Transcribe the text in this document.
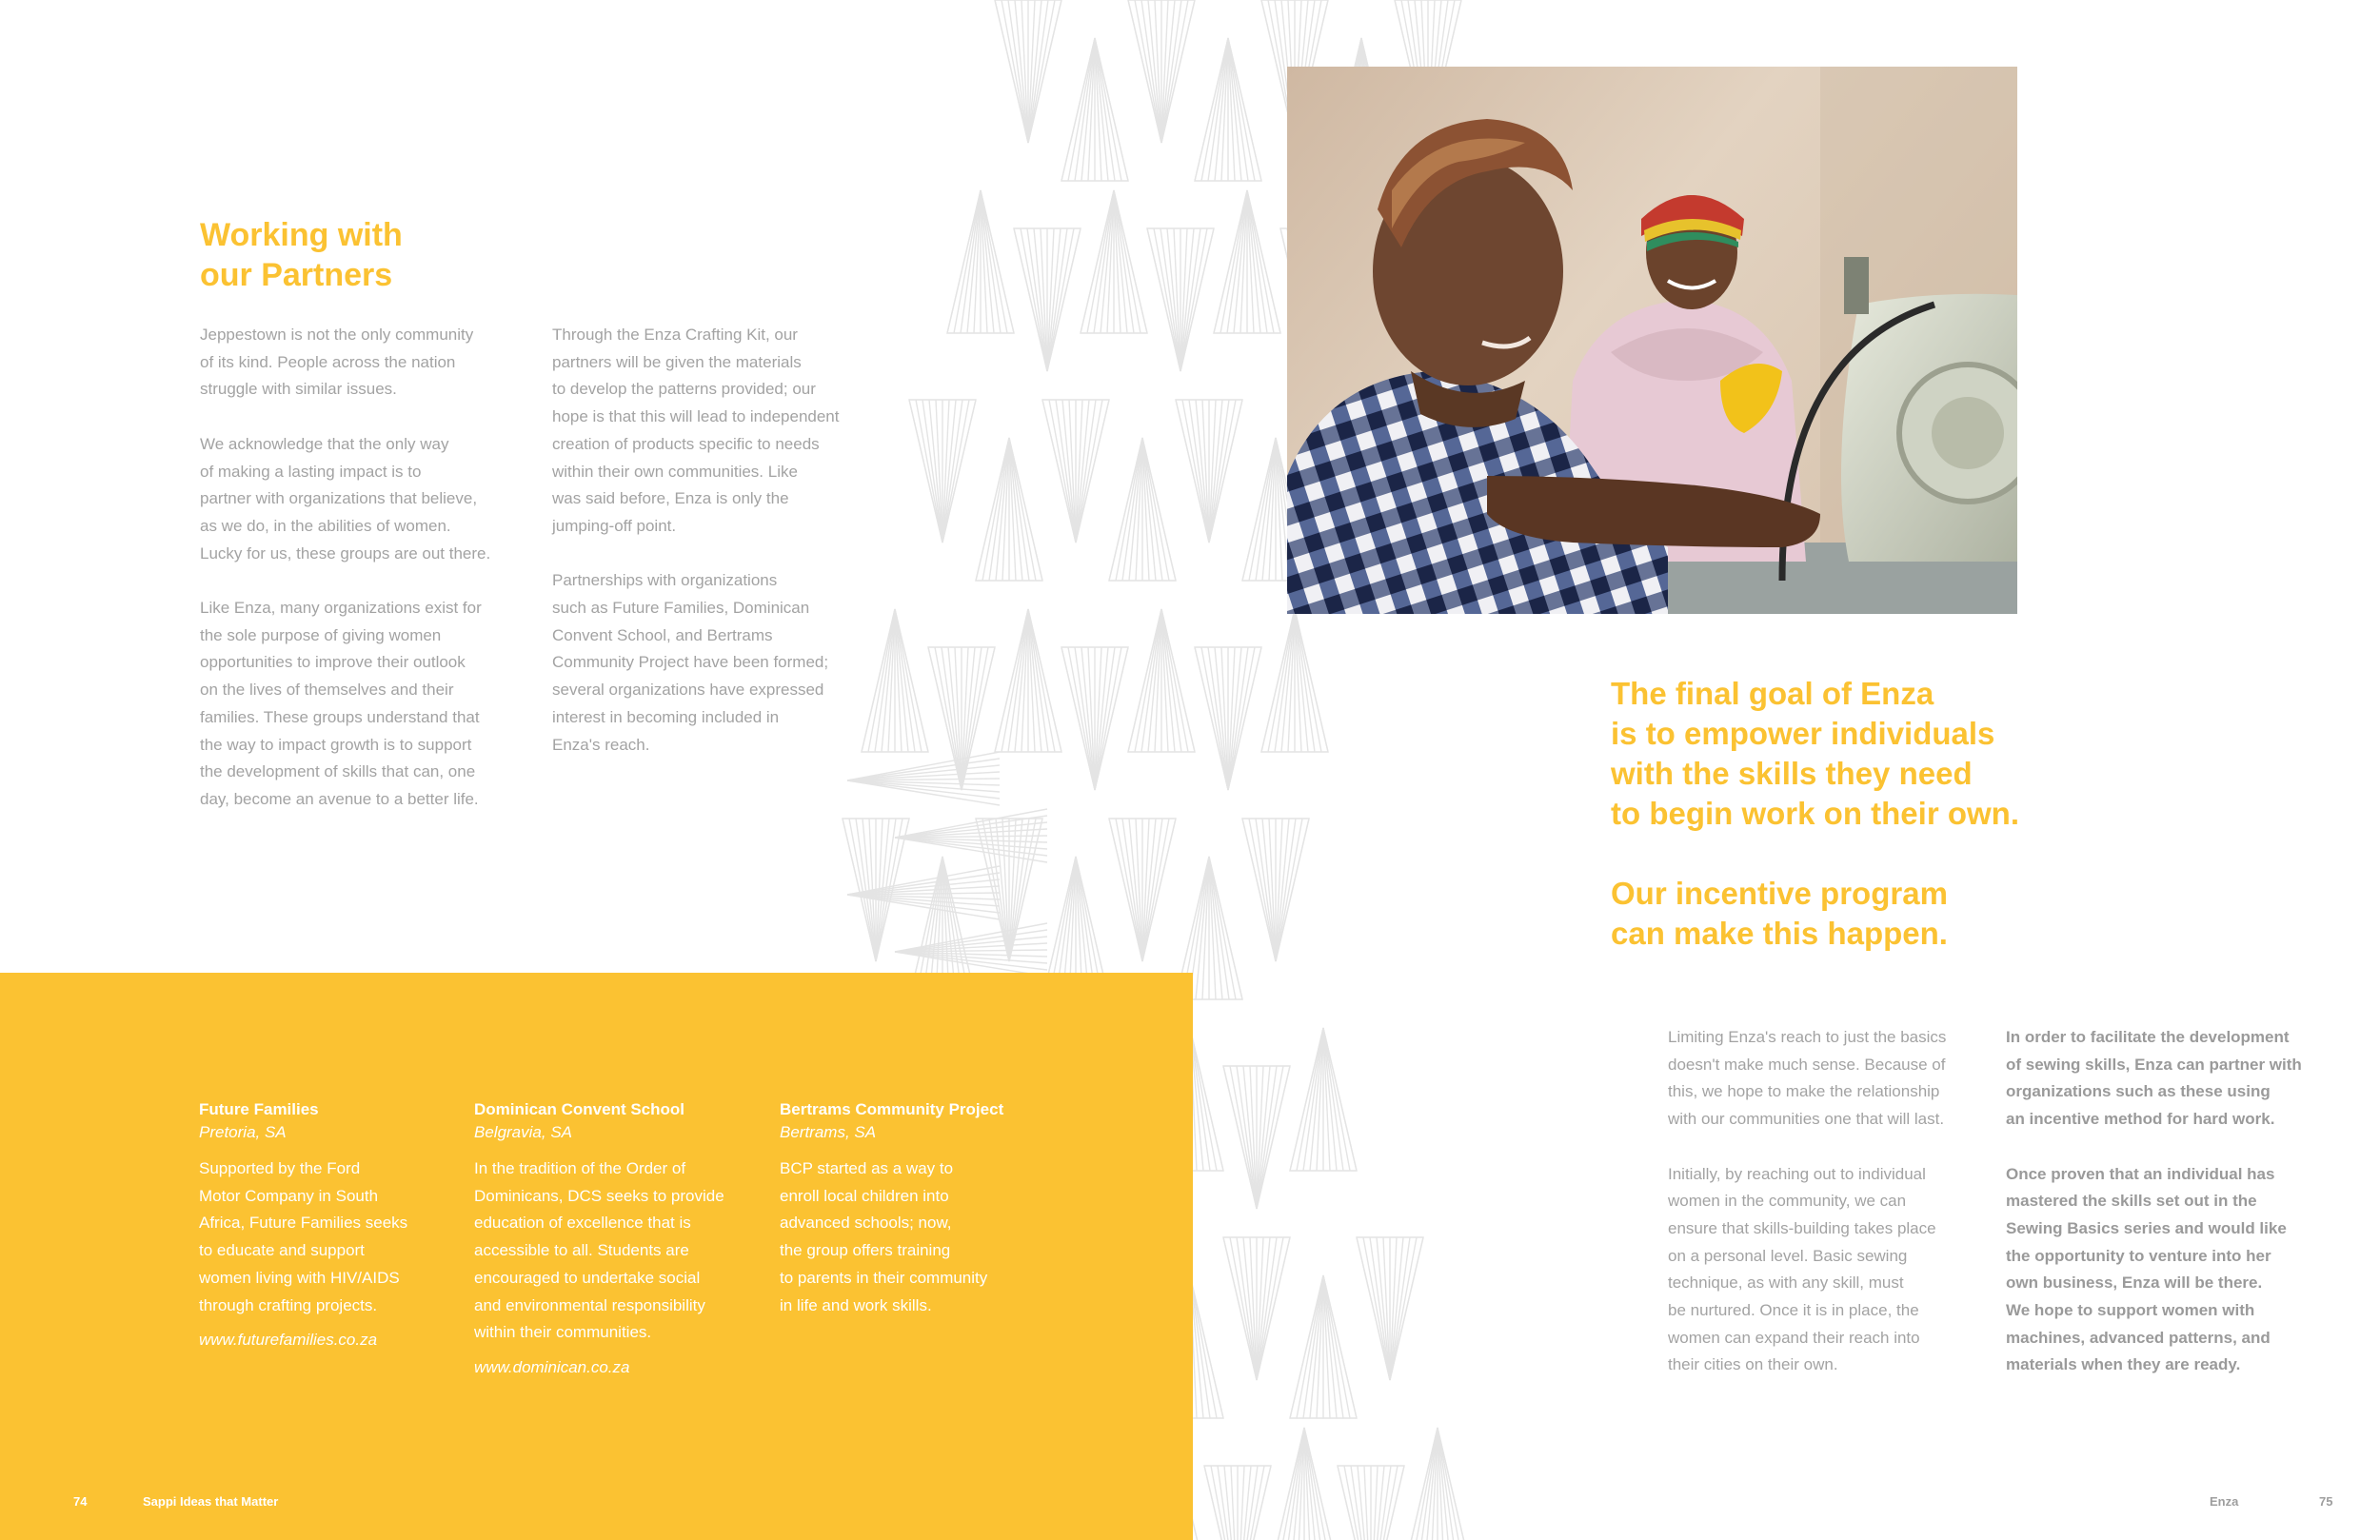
Working with
our Partners

Jeppestown is not the only community
of its kind. People across the nation
struggle with similar issues.

We acknowledge that the only way
of making a lasting impact is to
partner with organizations that believe,
as we do, in the abilities of women.
Lucky for us, these groups are out there.

Like Enza, many organizations exist for
the sole purpose of giving women
opportunities to improve their outlook
on the lives of themselves and their
families. These groups understand that
the way to impact growth is to support
the development of skills that can, one
day, become an avenue to a better life.

Through the Enza Crafting Kit, our
partners will be given the materials
to develop the patterns provided; our
hope is that this will lead to independent
creation of products specific to needs
within their own communities. Like
was said before, Enza is only the
jumping-off point.

Partnerships with organizations
such as Future Families, Dominican
Convent School, and Bertrams
Community Project have been formed;
several organizations have expressed
interest in becoming included in
Enza's reach.

Future Families
Pretoria, SA
Supported by the Ford
Motor Company in South
Africa, Future Families seeks
to educate and support
women living with HIV/AIDS
through crafting projects.
www.futurefamilies.co.za
Dominican Convent School
Belgravia, SA
In the tradition of the Order of
Dominicans, DCS seeks to provide
education of excellence that is
accessible to all. Students are
encouraged to undertake social
and environmental responsibility
within their communities.
www.dominican.co.za
Bertrams Community Project
Bertrams, SA
BCP started as a way to
enroll local children into
advanced schools; now,
the group offers training
to parents in their community
in life and work skills.
The final goal of Enza
is to empower individuals
with the skills they need
to begin work on their own.
Our incentive program
can make this happen.

Limiting Enza's reach to just the basics
doesn't make much sense. Because of
this, we hope to make the relationship
with our communities one that will last.

Initially, by reaching out to individual
women in the community, we can
ensure that skills-building takes place
on a personal level. Basic sewing
technique, as with any skill, must
be nurtured. Once it is in place, the
women can expand their reach into
their cities on their own.

In order to facilitate the development
of sewing skills, Enza can partner with
organizations such as these using
an incentive method for hard work.

Once proven that an individual has
mastered the skills set out in the
Sewing Basics series and would like
the opportunity to venture into her
own business, Enza will be there.
We hope to support women with
machines, advanced patterns, and
materials when they are ready.

74	Sappi Ideas that Matter	Enza	75
